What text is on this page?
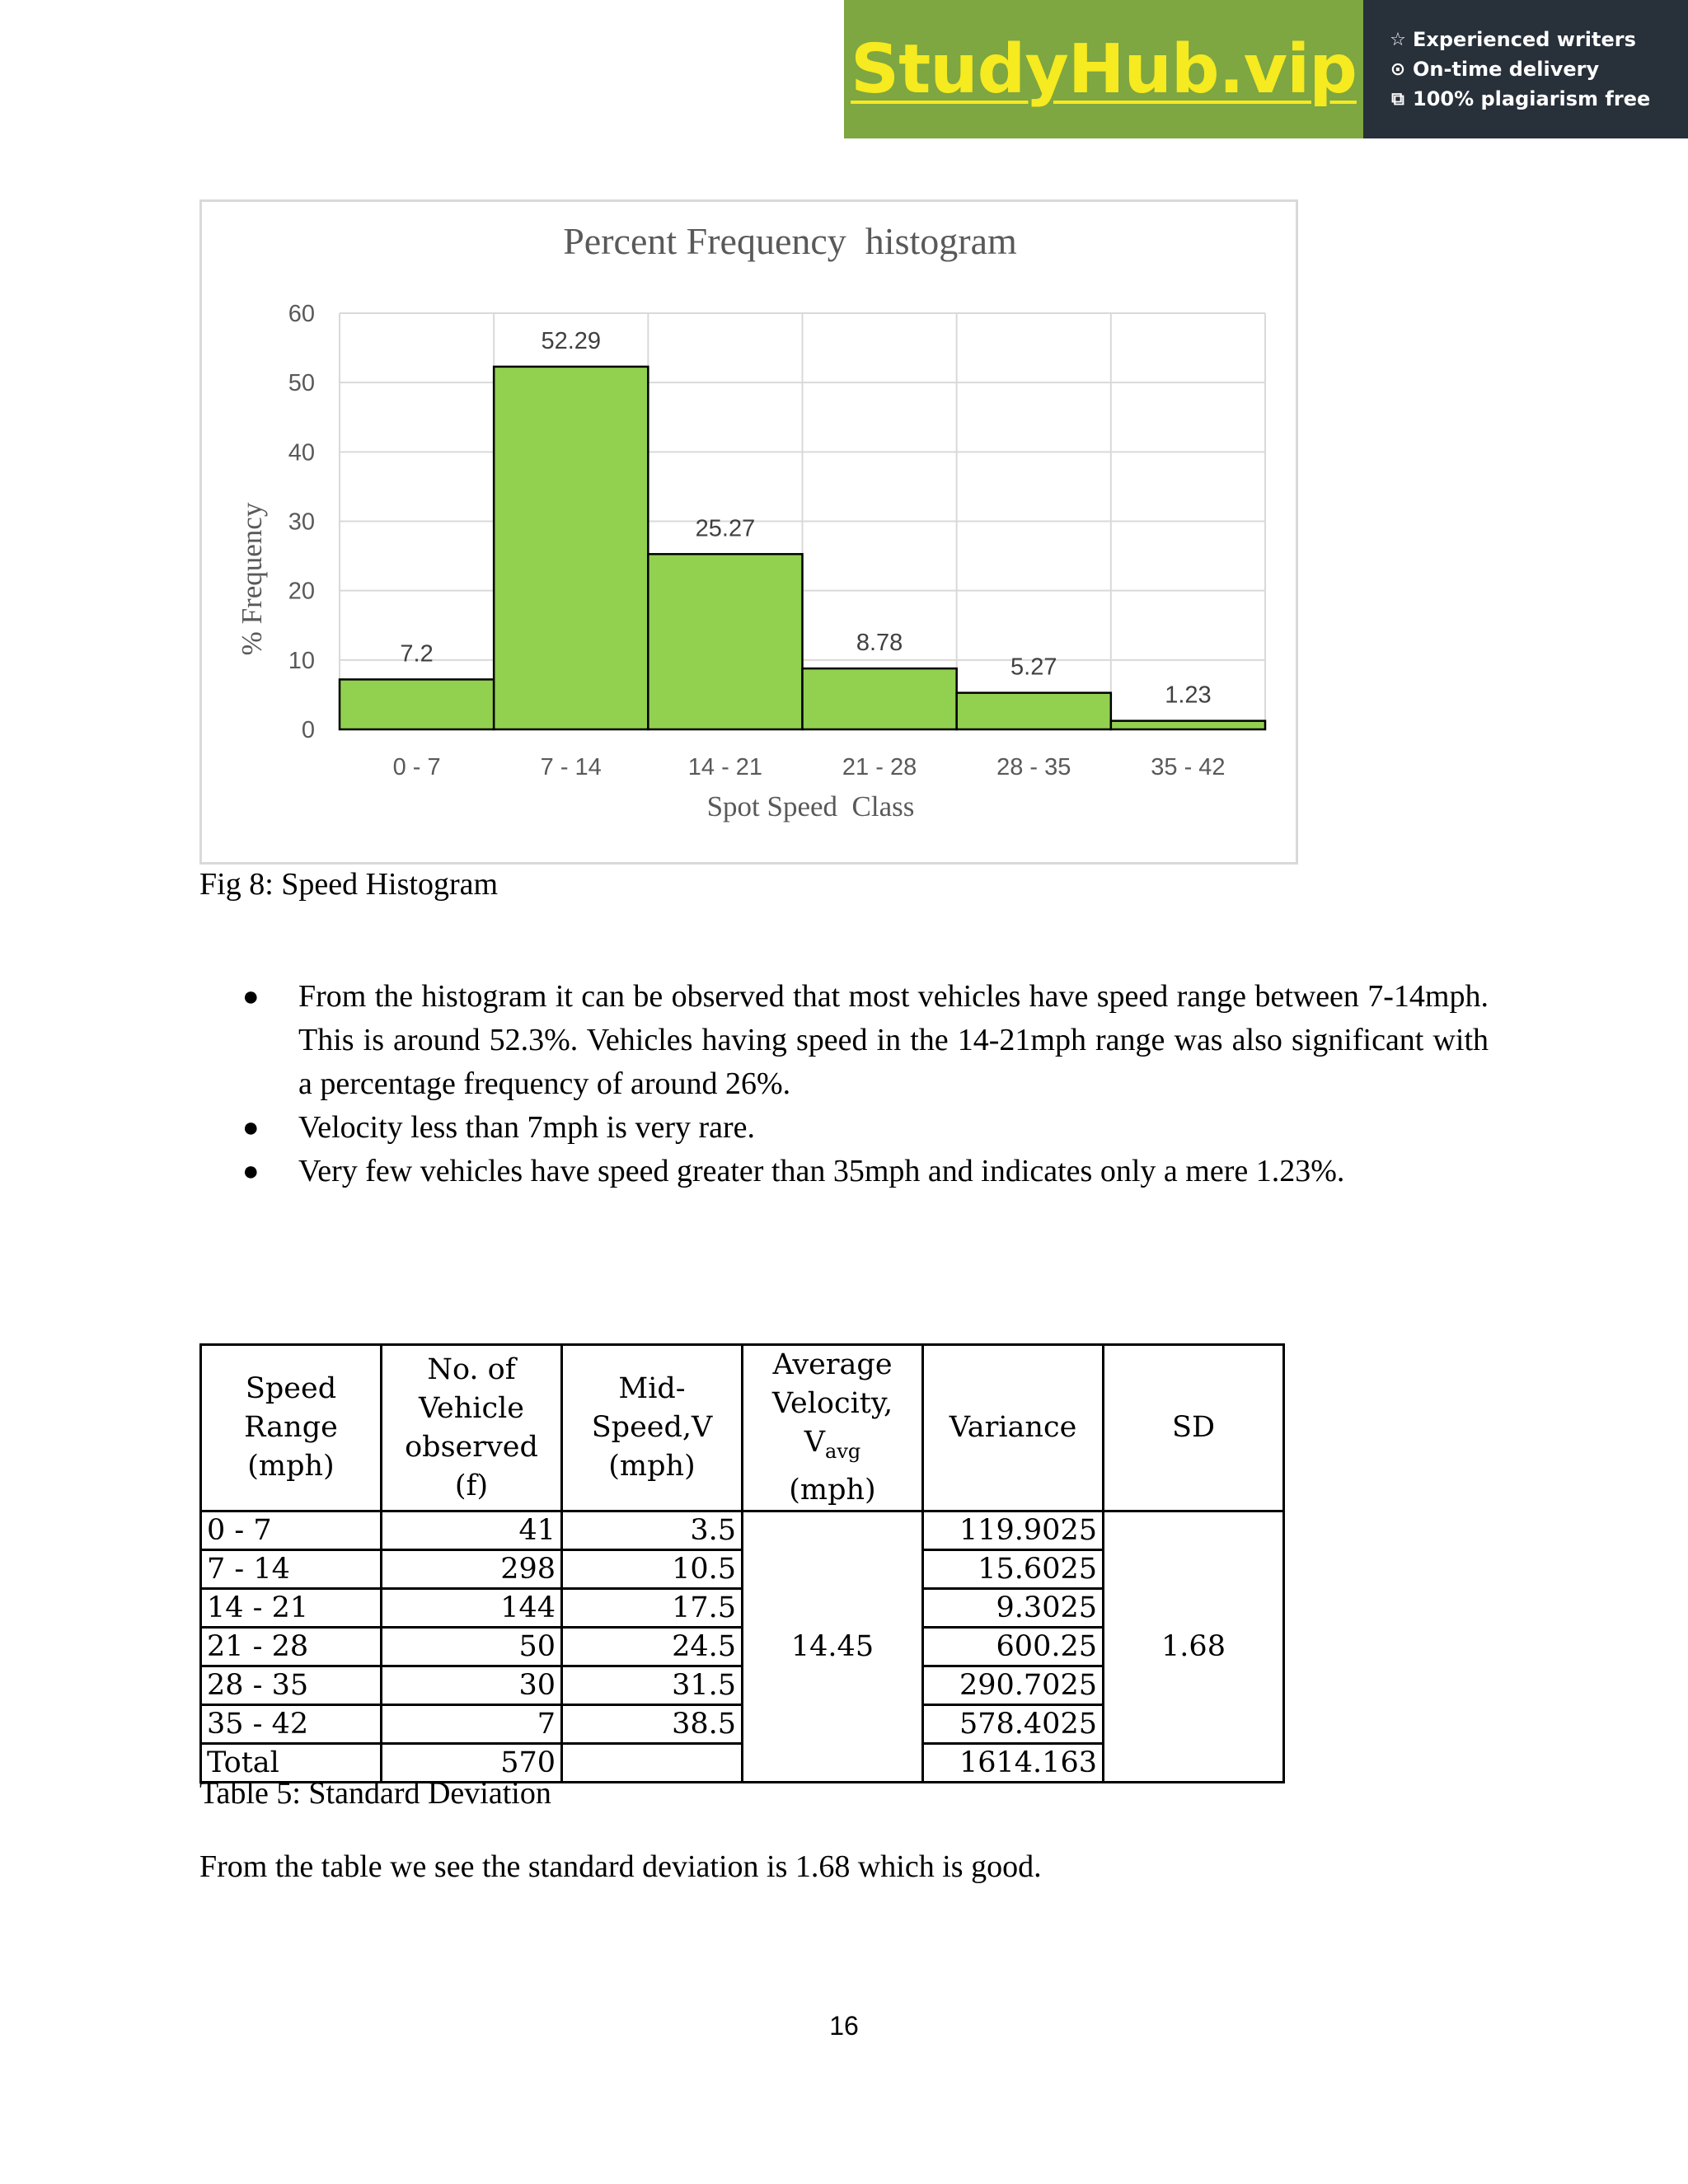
StudyHub.vip ☆ Experienced writers
⊙ On-time delivery
⧉ 100% plagiarism free
0
10
20
30
40
50
60
7.2
0 - 7
52.29
7 - 14
25.27
14 - 21
8.78
21 - 28
5.27
28 - 35
1.23
35 - 42
Percent Frequency  histogram
Spot Speed  Class
% Frequency
Fig 8: Speed Histogram
● From the histogram it can be observed that most vehicles have speed range between 7-14mph. This is around 52.3%. Vehicles having speed in the 14-21mph range was also significant with a percentage frequency of around 26%.
● Velocity less than 7mph is very rare.
● Very few vehicles have speed greater than 35mph and indicates only a mere 1.23%.
Speed
Range
(mph)	No. of
Vehicle
observed
(f)	Mid-
Speed,V
(mph)	Average
Velocity,
$V_{avg}$
(mph)	Variance	SD
0 - 7	41	3.5	14.45	119.9025	1.68
7 - 14	298	10.5		15.6025	
14 - 21	144	17.5		9.3025	
21 - 28	50	24.5		600.25	
28 - 35	30	31.5		290.7025	
35 - 42	7	38.5		578.4025	
Total	570			1614.163	
Table 5: Standard Deviation
From the table we see the standard deviation is 1.68 which is good.
16
